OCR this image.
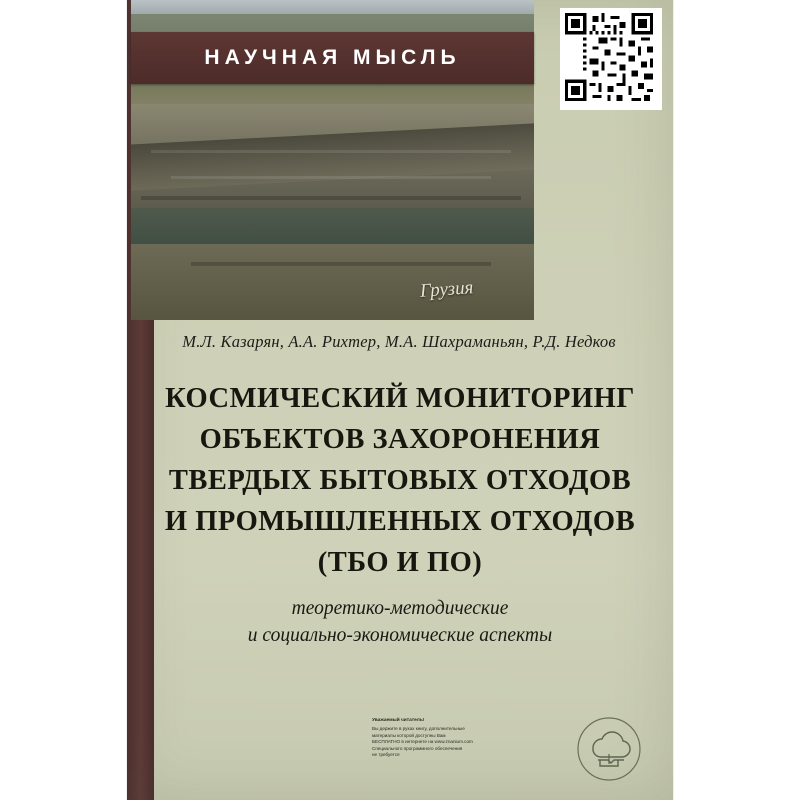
Грузия
НАУЧНАЯ МЫСЛЬ
М.Л. Казарян, А.А. Рихтер, М.А. Шахраманьян, Р.Д. Недков
КОСМИЧЕСКИЙ МОНИТОРИНГ
ОБЪЕКТОВ ЗАХОРОНЕНИЯ
ТВЕРДЫХ БЫТОВЫХ ОТХОДОВ
И ПРОМЫШЛЕННЫХ ОТХОДОВ
(ТБО И ПО)
теоретико-методические
и социально-экономические аспекты
Уважаемый читатель!
Вы держите в руках книгу, дополнительные
материалы которой доступны Вам
БЕСПЛАТНО в интернете на www.znanium.com
Специального программного обеспечения
не требуется
